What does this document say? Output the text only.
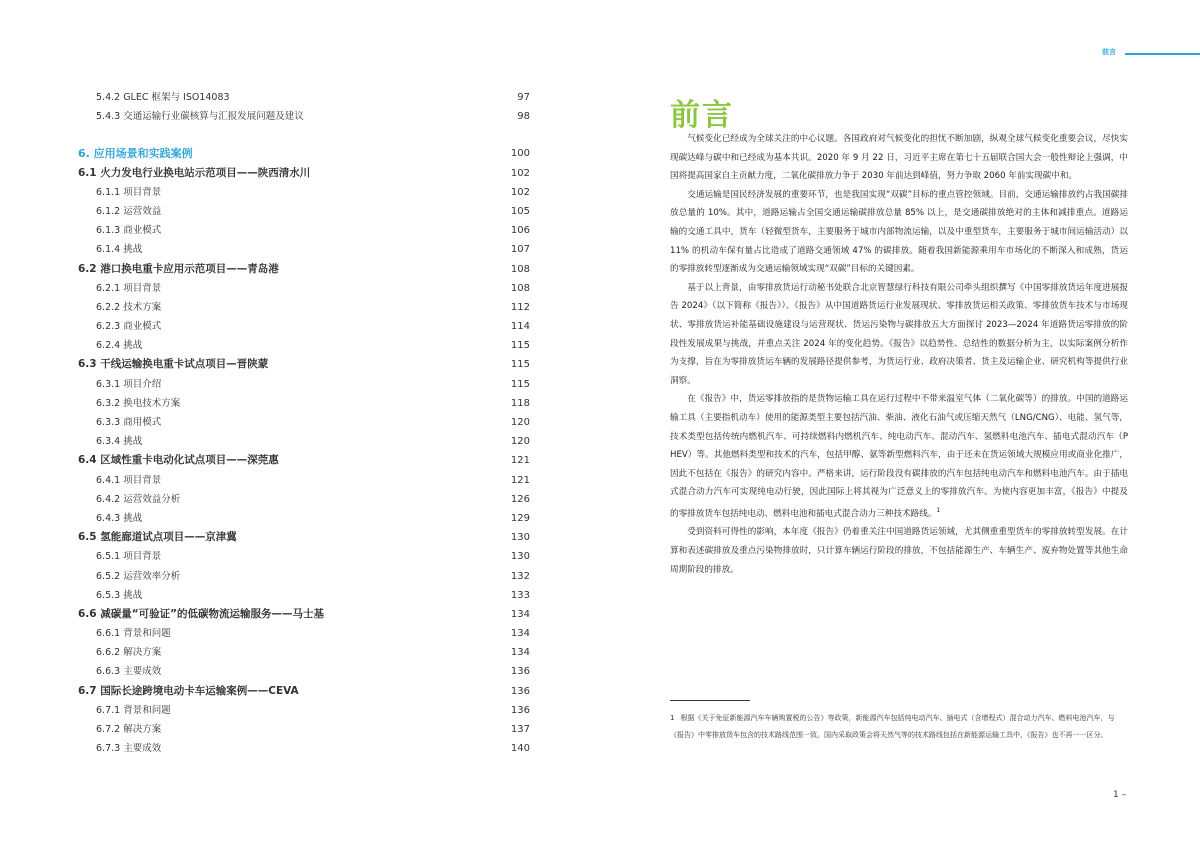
5.4.2 GLEC 框架与 ISO14083	97
5.4.3 交通运输行业碳核算与汇报发展问题及建议	98
6. 应用场景和实践案例	100
6.1 火力发电行业换电站示范项目——陕西清水川	102
6.1.1 项目背景	102
6.1.2 运营效益	105
6.1.3 商业模式	106
6.1.4 挑战	107
6.2 港口换电重卡应用示范项目——青岛港	108
6.2.1 项目背景	108
6.2.2 技术方案	112
6.2.3 商业模式	114
6.2.4 挑战	115
6.3 干线运输换电重卡试点项目—晋陕蒙	115
6.3.1 项目介绍	115
6.3.2 换电技术方案	118
6.3.3 商用模式	120
6.3.4 挑战	120
6.4 区域性重卡电动化试点项目——深莞惠	121
6.4.1 项目背景	121
6.4.2 运营效益分析	126
6.4.3 挑战	129
6.5 氢能廊道试点项目——京津冀	130
6.5.1 项目背景	130
6.5.2 运营效率分析	132
6.5.3 挑战	133
6.6 减碳量“可验证”的低碳物流运输服务——马士基	134
6.6.1 背景和问题	134
6.6.2 解决方案	134
6.6.3 主要成效	136
6.7 国际长途跨境电动卡车运输案例——CEVA	136
6.7.1 背景和问题	136
6.7.2 解决方案	137
6.7.3 主要成效	140
前言
前言

气候变化已经成为全球关注的中心议题。各国政府对气候变化的担忧不断加剧，纵观全球气候变化重要会议，尽快实现碳达峰与碳中和已经成为基本共识。2020 年 9 月 22 日，习近平主席在第七十五届联合国大会一般性辩论上强调，中国将提高国家自主贡献力度，二氧化碳排放力争于 2030 年前达到峰值，努力争取 2060 年前实现碳中和。

交通运输是国民经济发展的重要环节，也是我国实现“双碳”目标的重点管控领域。目前，交通运输排放约占我国碳排放总量的 10%。其中，道路运输占全国交通运输碳排放总量 85% 以上，是交通碳排放绝对的主体和减排重点。道路运输的交通工具中，货车（轻微型货车，主要服务于城市内部物流运输，以及中重型货车，主要服务于城市间运输活动）以 11% 的机动车保有量占比造成了道路交通领域 47% 的碳排放。随着我国新能源乘用车市场化的不断深入和成熟，货运的零排放转型逐渐成为交通运输领域实现“双碳”目标的关键因素。

基于以上背景，由零排放货运行动秘书处联合北京智慧绿行科技有限公司牵头组织撰写《中国零排放货运年度进展报告 2024》（以下简称《报告》）。《报告》从中国道路货运行业发展现状、零排放货运相关政策、零排放货车技术与市场现状、零排放货运补能基础设施建设与运营现状、货运污染物与碳排放五大方面探讨 2023—2024 年道路货运零排放的阶段性发展成果与挑战，并重点关注 2024 年的变化趋势。《报告》以趋势性、总结性的数据分析为主，以实际案例分析作为支撑，旨在为零排放货运车辆的发展路径提供参考，为货运行业、政府决策者、货主及运输企业、研究机构等提供行业洞察。

在《报告》中，货运零排放指的是货物运输工具在运行过程中不带来温室气体（二氧化碳等）的排放。中国的道路运输工具（主要指机动车）使用的能源类型主要包括汽油、柴油、液化石油气或压缩天然气（LNG/CNG）、电能、氢气等，技术类型包括传统内燃机汽车、可持续燃料内燃机汽车、纯电动汽车、混动汽车、氢燃料电池汽车、插电式混动汽车（PHEV）等。其他燃料类型和技术的汽车，包括甲醇、氨等新型燃料汽车，由于还未在货运领域大规模应用或商业化推广，因此不包括在《报告》的研究内容中。严格来讲，运行阶段没有碳排放的汽车包括纯电动汽车和燃料电池汽车。由于插电式混合动力汽车可实现纯电动行驶，因此国际上将其视为广泛意义上的零排放汽车。为使内容更加丰富，《报告》中提及的零排放货车包括纯电动、燃料电池和插电式混合动力三种技术路线。$^1$

受到资料可得性的影响，本年度《报告》仍着重关注中国道路货运领域，尤其侧重重型货车的零排放转型发展。在计算和表述碳排放及重点污染物排放时，只计算车辆运行阶段的排放，不包括能源生产、车辆生产、废弃物处置等其他生命周期阶段的排放。

1 根据《关于免征新能源汽车车辆购置税的公告》等政策，新能源汽车包括纯电动汽车、插电式（含增程式）混合动力汽车、燃料电池汽车，与《报告》中零排放货车包含的技术路线范围一致。国内采取政策会将天然气等的技术路线包括在新能源运输工具中，《报告》也不再一一区分。
1 –
